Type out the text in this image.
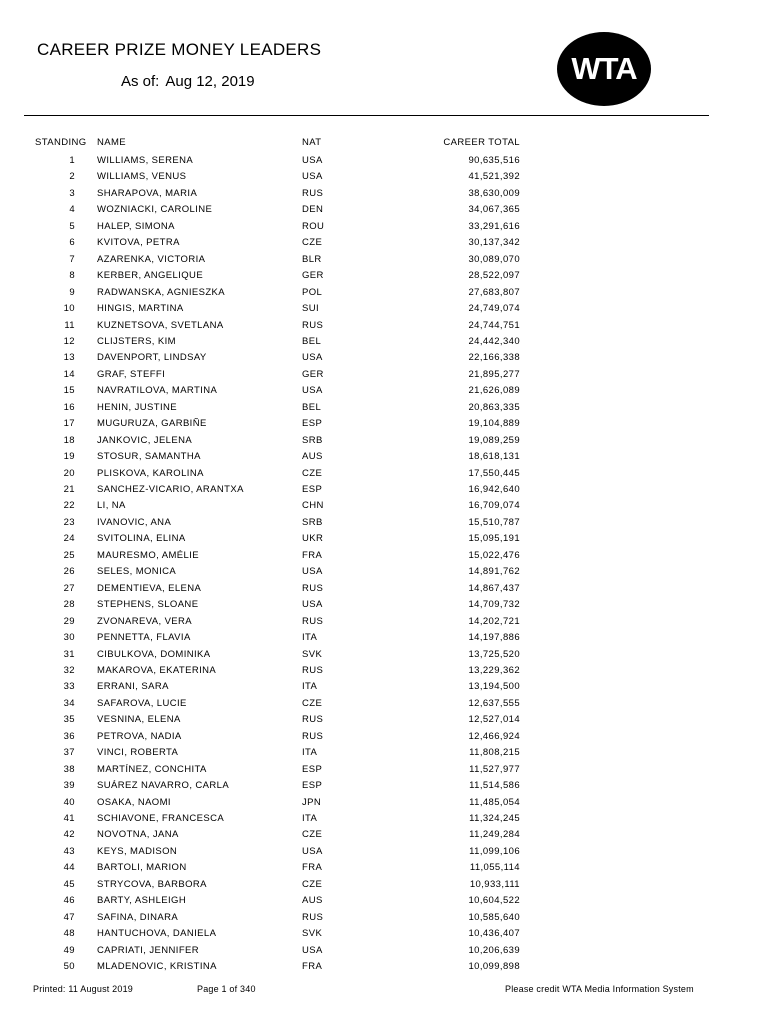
CAREER PRIZE MONEY LEADERS
As of: Aug 12, 2019	WTA
STANDING NAME	NAT	CAREER TOTAL
1 WILLIAMS, SERENA	USA	90,635,516
2 WILLIAMS, VENUS	USA	41,521,392
3 SHARAPOVA, MARIA	RUS	38,630,009
4 WOZNIACKI, CAROLINE	DEN	34,067,365
5 HALEP, SIMONA	ROU	33,291,616
6 KVITOVA, PETRA	CZE	30,137,342
7 AZARENKA, VICTORIA	BLR	30,089,070
8 KERBER, ANGELIQUE	GER	28,522,097
9 RADWANSKA, AGNIESZKA	POL	27,683,807
10 HINGIS, MARTINA	SUI	24,749,074
11 KUZNETSOVA, SVETLANA	RUS	24,744,751
12 CLIJSTERS, KIM	BEL	24,442,340
13 DAVENPORT, LINDSAY	USA	22,166,338
14 GRAF, STEFFI	GER	21,895,277
15 NAVRATILOVA, MARTINA	USA	21,626,089
16 HENIN, JUSTINE	BEL	20,863,335
17 MUGURUZA, GARBIÑE	ESP	19,104,889
18 JANKOVIC, JELENA	SRB	19,089,259
19 STOSUR, SAMANTHA	AUS	18,618,131
20 PLISKOVA, KAROLINA	CZE	17,550,445
21 SANCHEZ-VICARIO, ARANTXA	ESP	16,942,640
22 LI, NA	CHN	16,709,074
23 IVANOVIC, ANA	SRB	15,510,787
24 SVITOLINA, ELINA	UKR	15,095,191
25 MAURESMO, AMÉLIE	FRA	15,022,476
26 SELES, MONICA	USA	14,891,762
27 DEMENTIEVA, ELENA	RUS	14,867,437
28 STEPHENS, SLOANE	USA	14,709,732
29 ZVONAREVA, VERA	RUS	14,202,721
30 PENNETTA, FLAVIA	ITA	14,197,886
31 CIBULKOVA, DOMINIKA	SVK	13,725,520
32 MAKAROVA, EKATERINA	RUS	13,229,362
33 ERRANI, SARA	ITA	13,194,500
34 SAFAROVA, LUCIE	CZE	12,637,555
35 VESNINA, ELENA	RUS	12,527,014
36 PETROVA, NADIA	RUS	12,466,924
37 VINCI, ROBERTA	ITA	11,808,215
38 MARTÍNEZ, CONCHITA	ESP	11,527,977
39 SUÁREZ NAVARRO, CARLA	ESP	11,514,586
40 OSAKA, NAOMI	JPN	11,485,054
41 SCHIAVONE, FRANCESCA	ITA	11,324,245
42 NOVOTNA, JANA	CZE	11,249,284
43 KEYS, MADISON	USA	11,099,106
44 BARTOLI, MARION	FRA	11,055,114
45 STRYCOVA, BARBORA	CZE	10,933,111
46 BARTY, ASHLEIGH	AUS	10,604,522
47 SAFINA, DINARA	RUS	10,585,640
48 HANTUCHOVA, DANIELA	SVK	10,436,407
49 CAPRIATI, JENNIFER	USA	10,206,639
50 MLADENOVIC, KRISTINA	FRA	10,099,898
Printed: 11 August 2019	Page 1 of 340	Please credit WTA Media Information System
